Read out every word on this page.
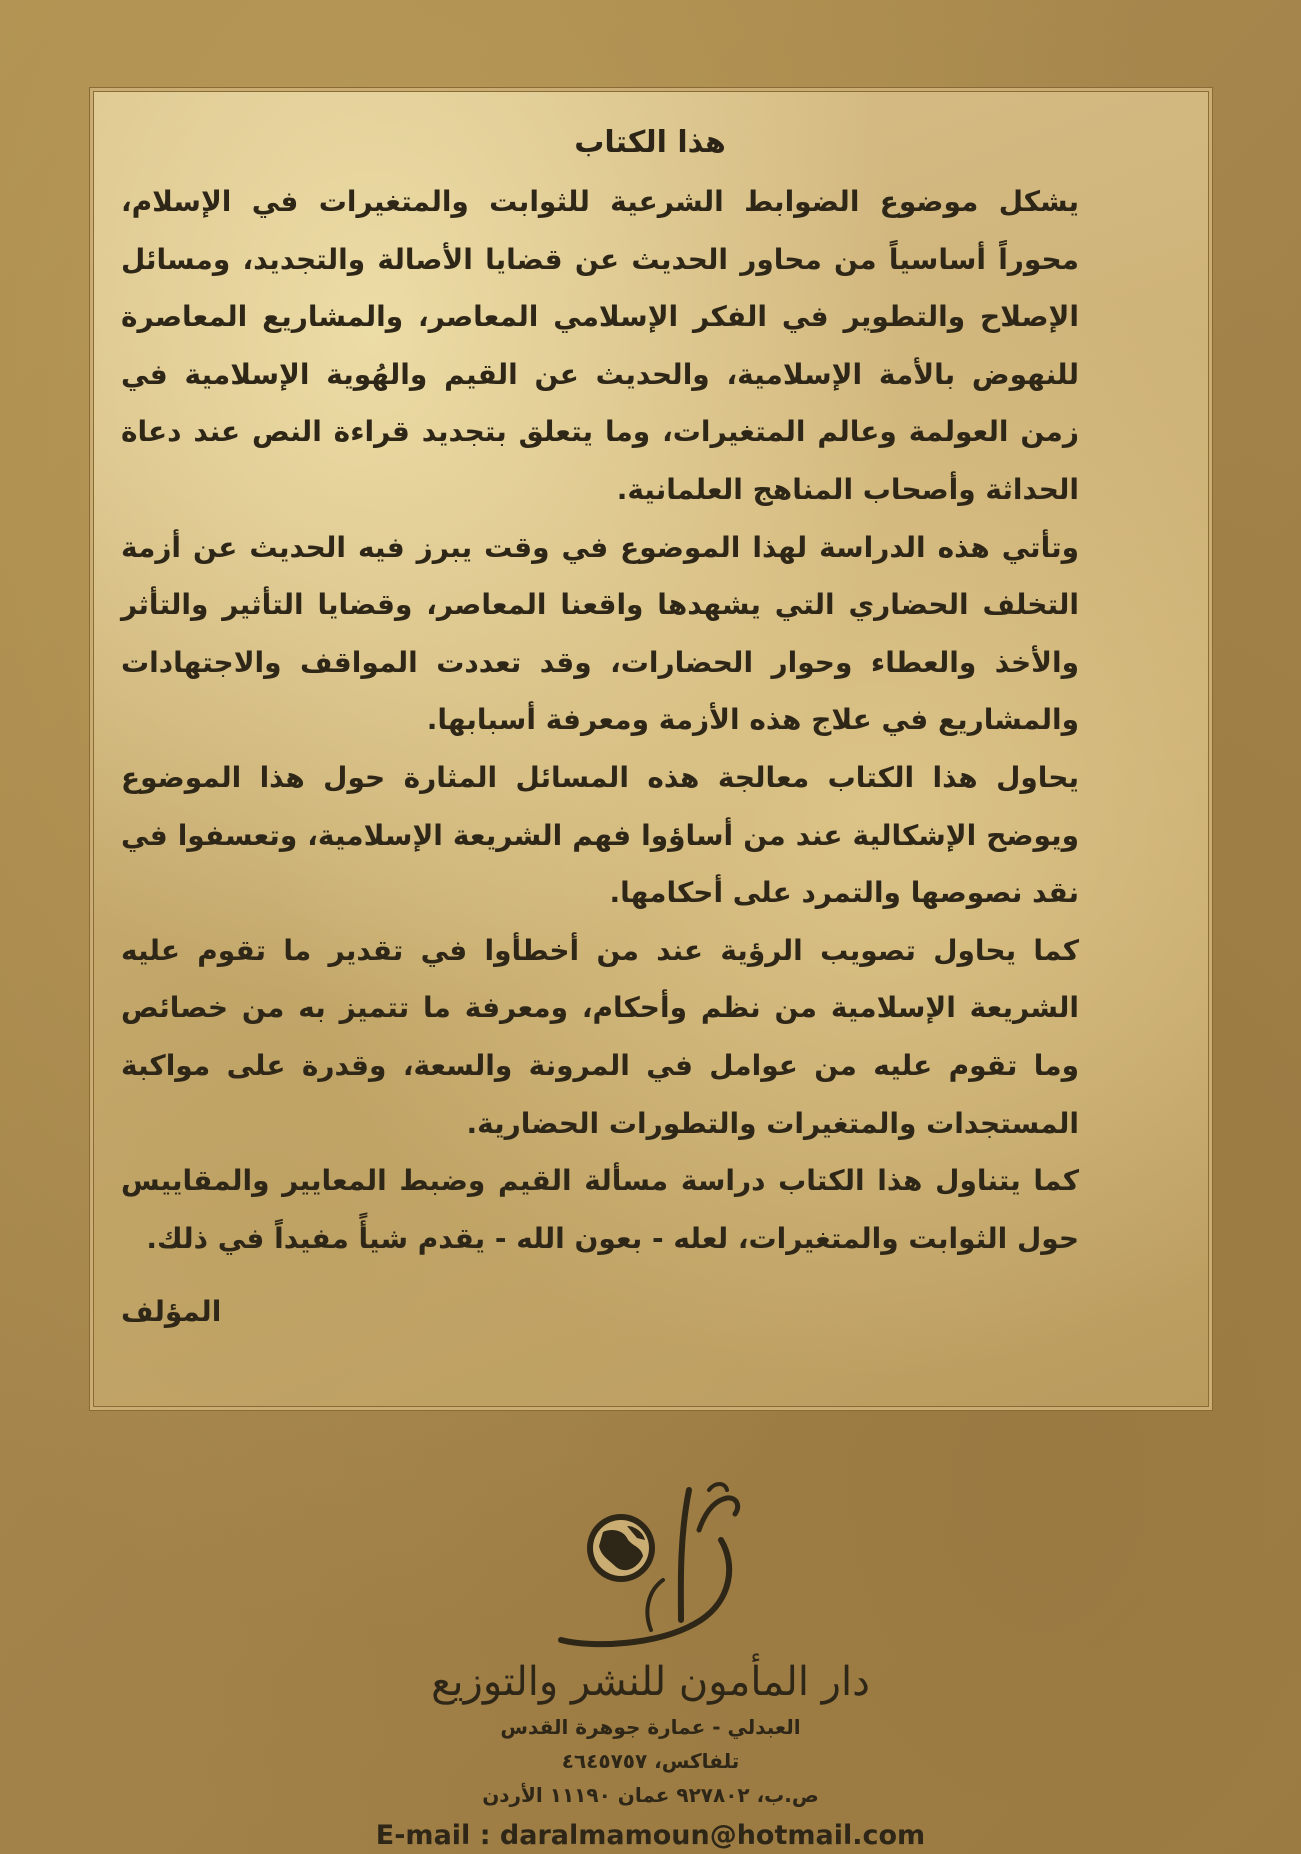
هذا الكتاب

يشكل موضوع الضوابط الشرعية للثوابت والمتغيرات في الإسلام، محوراً أساسياً من محاور الحديث عن قضايا الأصالة والتجديد، ومسائل الإصلاح والتطوير في الفكر الإسلامي المعاصر، والمشاريع المعاصرة للنهوض بالأمة الإسلامية، والحديث عن القيم والهُوية الإسلامية في زمن العولمة وعالم المتغيرات، وما يتعلق بتجديد قراءة النص عند دعاة الحداثة وأصحاب المناهج العلمانية.

وتأتي هذه الدراسة لهذا الموضوع في وقت يبرز فيه الحديث عن أزمة التخلف الحضاري التي يشهدها واقعنا المعاصر، وقضايا التأثير والتأثر والأخذ والعطاء وحوار الحضارات، وقد تعددت المواقف والاجتهادات والمشاريع في علاج هذه الأزمة ومعرفة أسبابها.

يحاول هذا الكتاب معالجة هذه المسائل المثارة حول هذا الموضوع ويوضح الإشكالية عند من أساؤوا فهم الشريعة الإسلامية، وتعسفوا في نقد نصوصها والتمرد على أحكامها.

كما يحاول تصويب الرؤية عند من أخطأوا في تقدير ما تقوم عليه الشريعة الإسلامية من نظم وأحكام، ومعرفة ما تتميز به من خصائص وما تقوم عليه من عوامل في المرونة والسعة، وقدرة على مواكبة المستجدات والمتغيرات والتطورات الحضارية.

كما يتناول هذا الكتاب دراسة مسألة القيم وضبط المعايير والمقاييس حول الثوابت والمتغيرات، لعله - بعون الله - يقدم شيأً مفيداً في ذلك.

المؤلف
دار المأمون للنشر والتوزيع
العبدلي - عمارة جوهرة القدس
تلفاكس، ٤٦٤٥٧٥٧
ص.ب، ٩٢٧٨٠٢ عمان ١١١٩٠ الأردن
E-mail : daralmamoun@hotmail.com
